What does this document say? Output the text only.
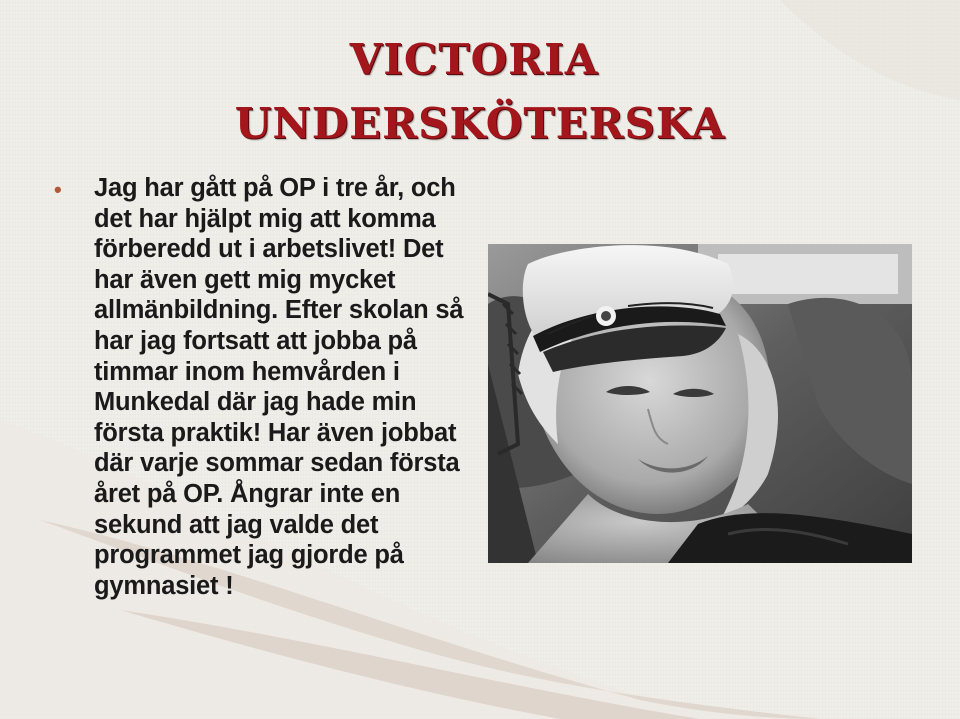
VICTORIA
UNDERSKÖTERSKA
• Jag har gått på OP i tre år, och det har hjälpt mig att komma förberedd ut i arbetslivet! Det har även gett mig mycket allmänbildning. Efter skolan så har jag fortsatt att jobba på timmar inom hemvården i Munkedal där jag hade min första praktik! Har även jobbat där varje sommar sedan första året på OP. Ångrar inte en sekund att jag valde det programmet jag gjorde på gymnasiet !
